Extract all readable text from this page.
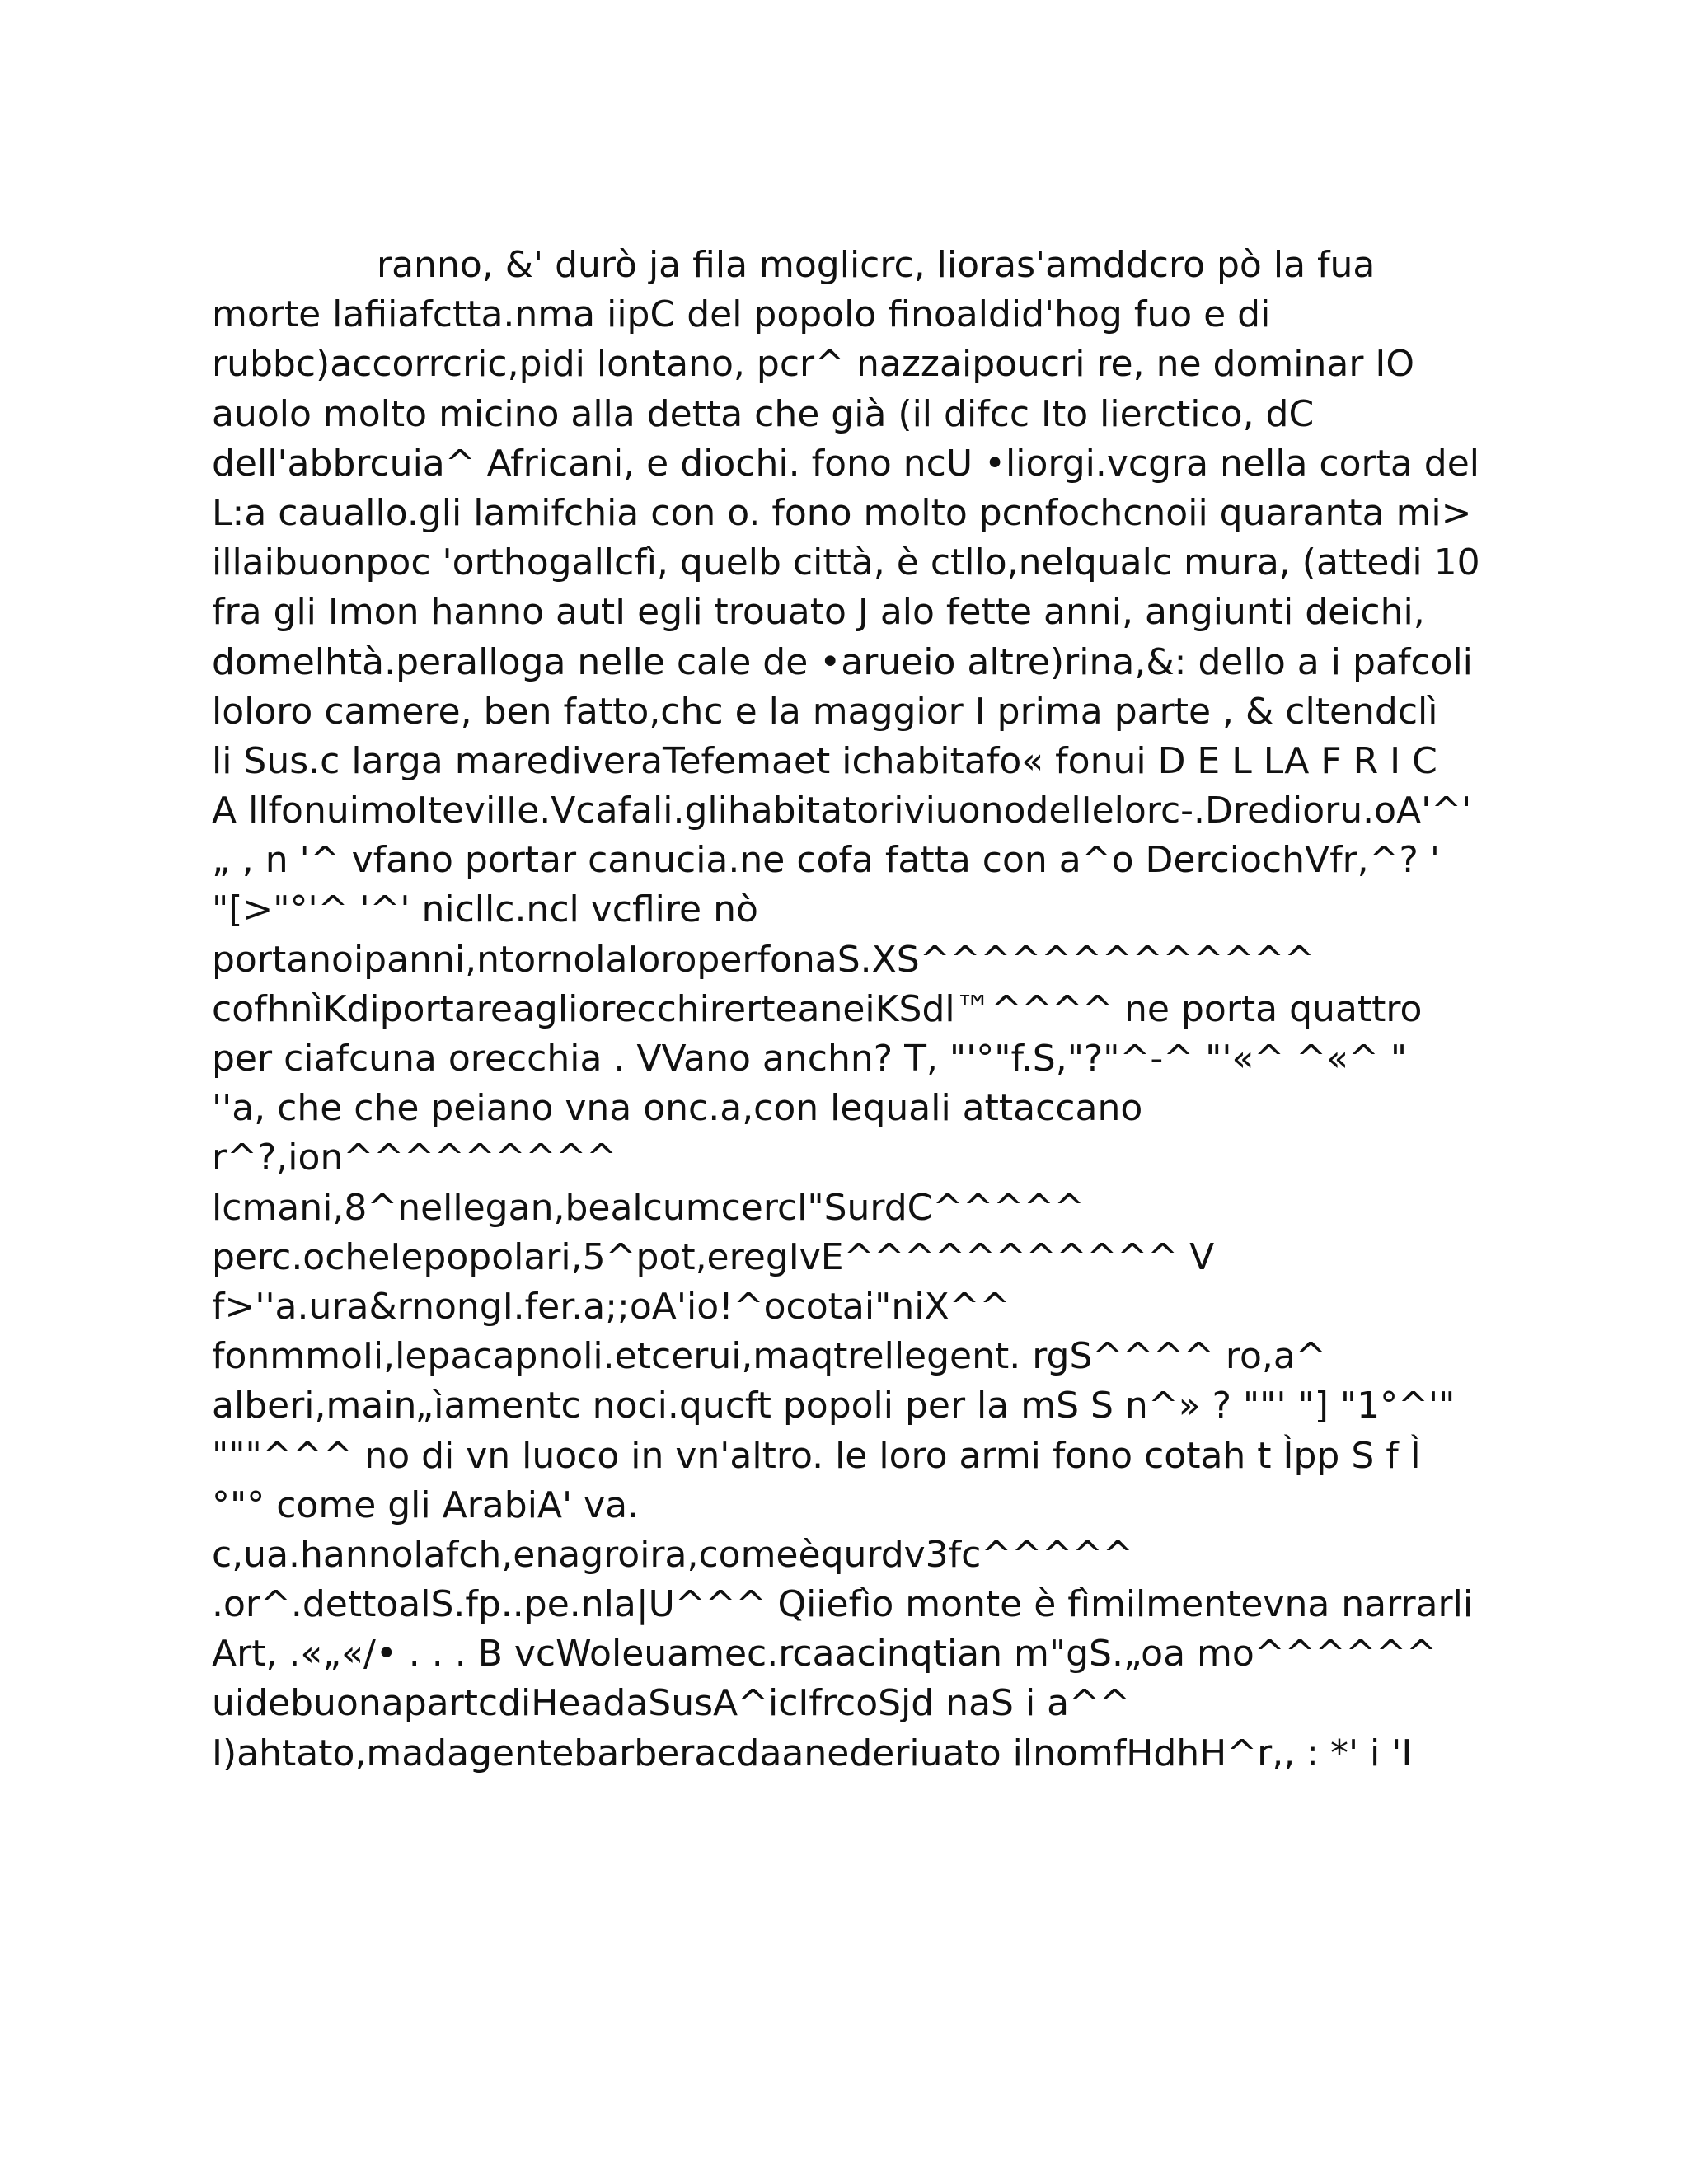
ranno, &' durò ja fila moglicrc, lioras'amddcro pò la fua
morte lafiiafctta.nma iipC del popolo finoaldid'hog fuo e di
rubbc)accorrcric,pidi lontano, pcr^ nazzaipoucri re, ne dominar IO
auolo molto micino alla detta che già (il difcc Ito lierctico, dC
dell'abbrcuia^ Africani, e diochi. fono ncU •liorgi.vcgra nella corta del
L:a cauallo.gli lamifchia con o. fono molto pcnfochcnoii quaranta mi>
illaibuonpoc 'orthogallcfì, quelb città, è ctllo,nelqualc mura, (attedi 10
fra gli Imon hanno autI egli trouato J alo fette anni, angiunti deichi,
domelhtà.peralloga nelle cale de •arueio altre)rina,&: dello a i pafcoli
loloro camere, ben fatto,chc e la maggior I prima parte , & cltendclì
li Sus.c larga marediveraTefemaet ichabitafo« fonui D E L LA F R I C
A llfonuimoIteviIIe.Vcafali.glihabitatoriviuonodelIelorc-.Dredioru.oA'^'
„ , n '^ vfano portar canucia.ne cofa fatta con a^o DerciochVfr,^? '
"[>"°'^ '^' nicllc.ncl vcflire nò
portanoipanni,ntornolaIoroperfonaS.XS^^^^^^^^^^^^^
cofhnìKdiportareaglioreсchirerteaneiKSdl™^^^^ ne porta quattro
per ciafcuna orecchia . VVano anchn? T, "'°"f.S,"?"^-^ "'«^ ^«^ "
''a, che che peiano vna onc.a,con lequali attaccano
r^?,ion^^^^^^^^^
lcmani,8^nellegan,bealcumcercl"SurdC^^^^^
perc.ocheIepopolari,5^pot,eregIvE^^^^^^^^^^^ V
f>''a.ura&rnongI.fer.a;;oA'io!^ocotai"niX^^
fonmmoIi,lepacapnoli.etcerui,maqtrellegent. rgS^^^^ ro,a^
alberi,main„ìamentc noci.qucft popoli per la mS S n^» ? ""' "] "1°^'"
"""^^^ no di vn luoco in vn'altro. le loro armi fono cotah t Ìpp S f Ì
°"° come gli ArabiA' va.
c,ua.hannolafch,enagroira,comeèqurdv3fc^^^^^
.or^.dettoalS.fp..pe.nla|U^^^ Qiiefìo monte è fìmilmentevna narrarli
Art, .«„«/• . . . B vcWoleuamec.rcaacinqtian m"gS.„oa mo^^^^^^
uidebuonapartcdiHeadaSusA^icIfrcoSjd naS i a^^
I)ahtato,madagentebarberacdaanederiuato ilnomfHdhH^r,, : *' i 'I
